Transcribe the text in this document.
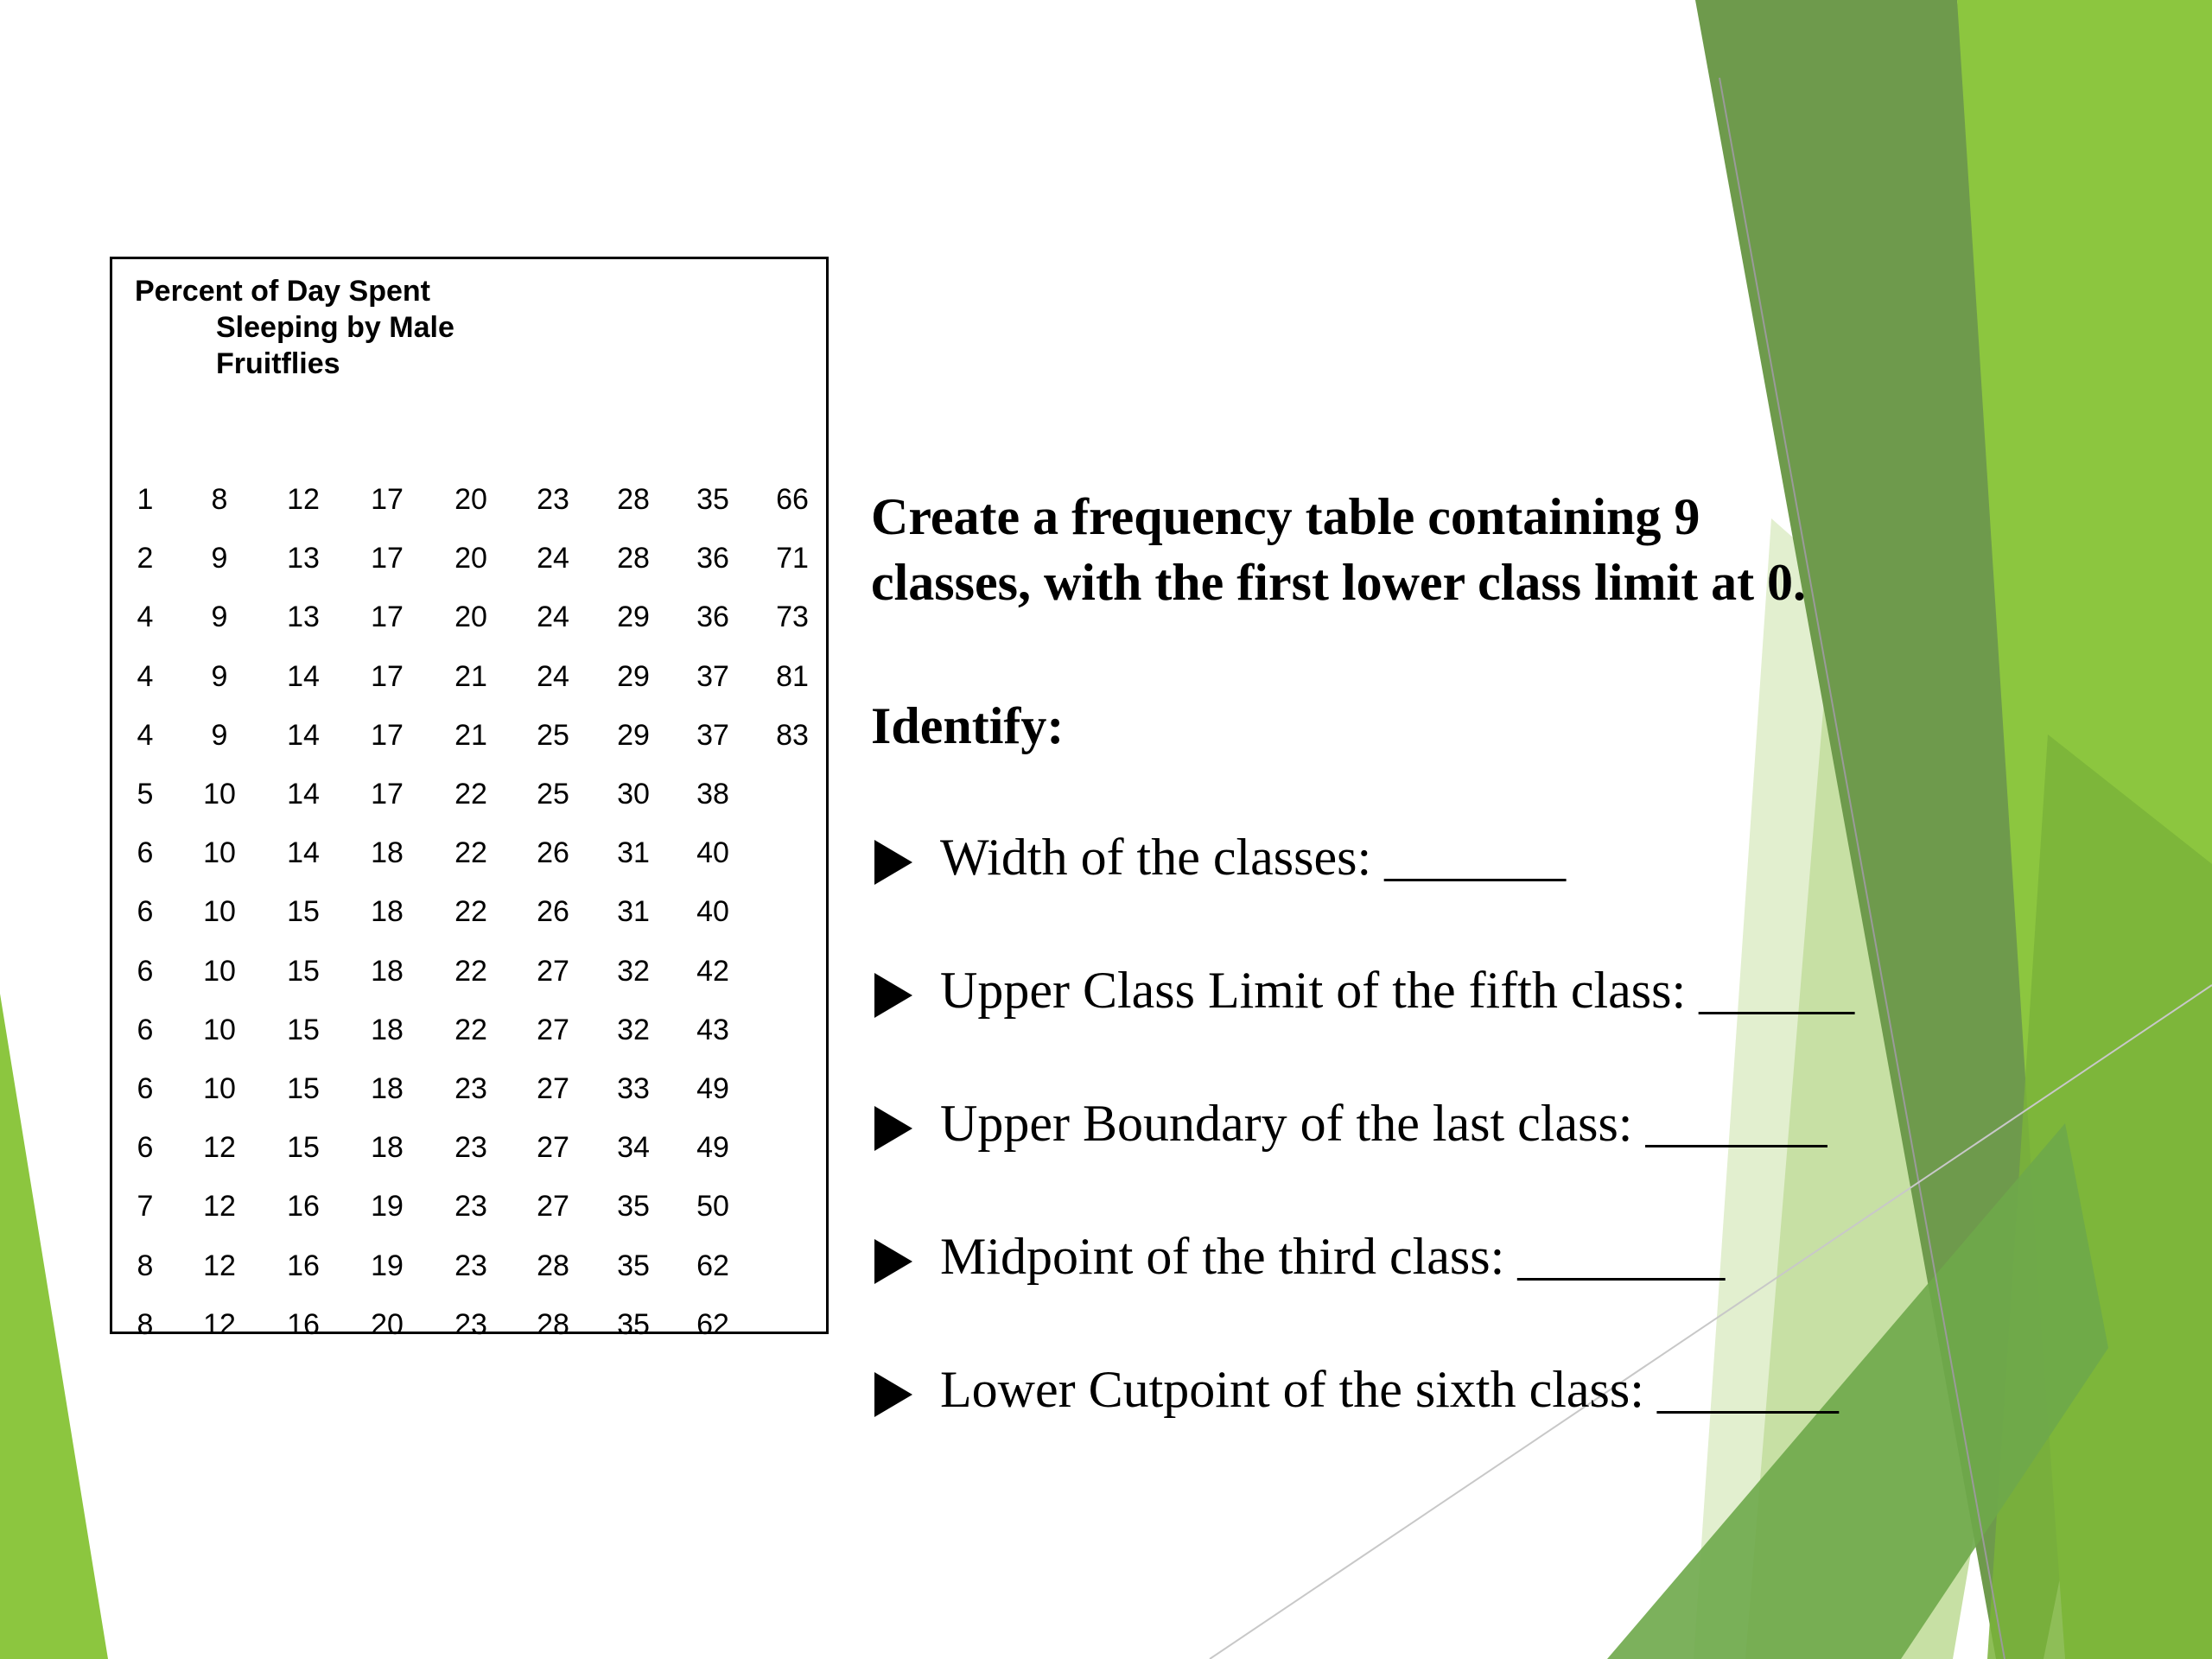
Percent of Day Spent
Sleeping by Male
Fruitflies
1	8	12	17	20	23	28	35	66
2	9	13	17	20	24	28	36	71
4	9	13	17	20	24	29	36	73
4	9	14	17	21	24	29	37	81
4	9	14	17	21	25	29	37	83
5	10	14	17	22	25	30	38
6	10	14	18	22	26	31	40
6	10	15	18	22	26	31	40
6	10	15	18	22	27	32	42
6	10	15	18	22	27	32	43
6	10	15	18	23	27	33	49
6	12	15	18	23	27	34	49
7	12	16	19	23	27	35	50
8	12	16	19	23	28	35	62
8	12	16	20	23	28	35	62
Create a frequency table containing 9
classes, with the first lower class limit at 0.
Identify:
Width of the classes: _______
Upper Class Limit of the fifth class: ______
Upper Boundary of the last class: _______
Midpoint of the third class: ________
Lower Cutpoint of the sixth class: _______
